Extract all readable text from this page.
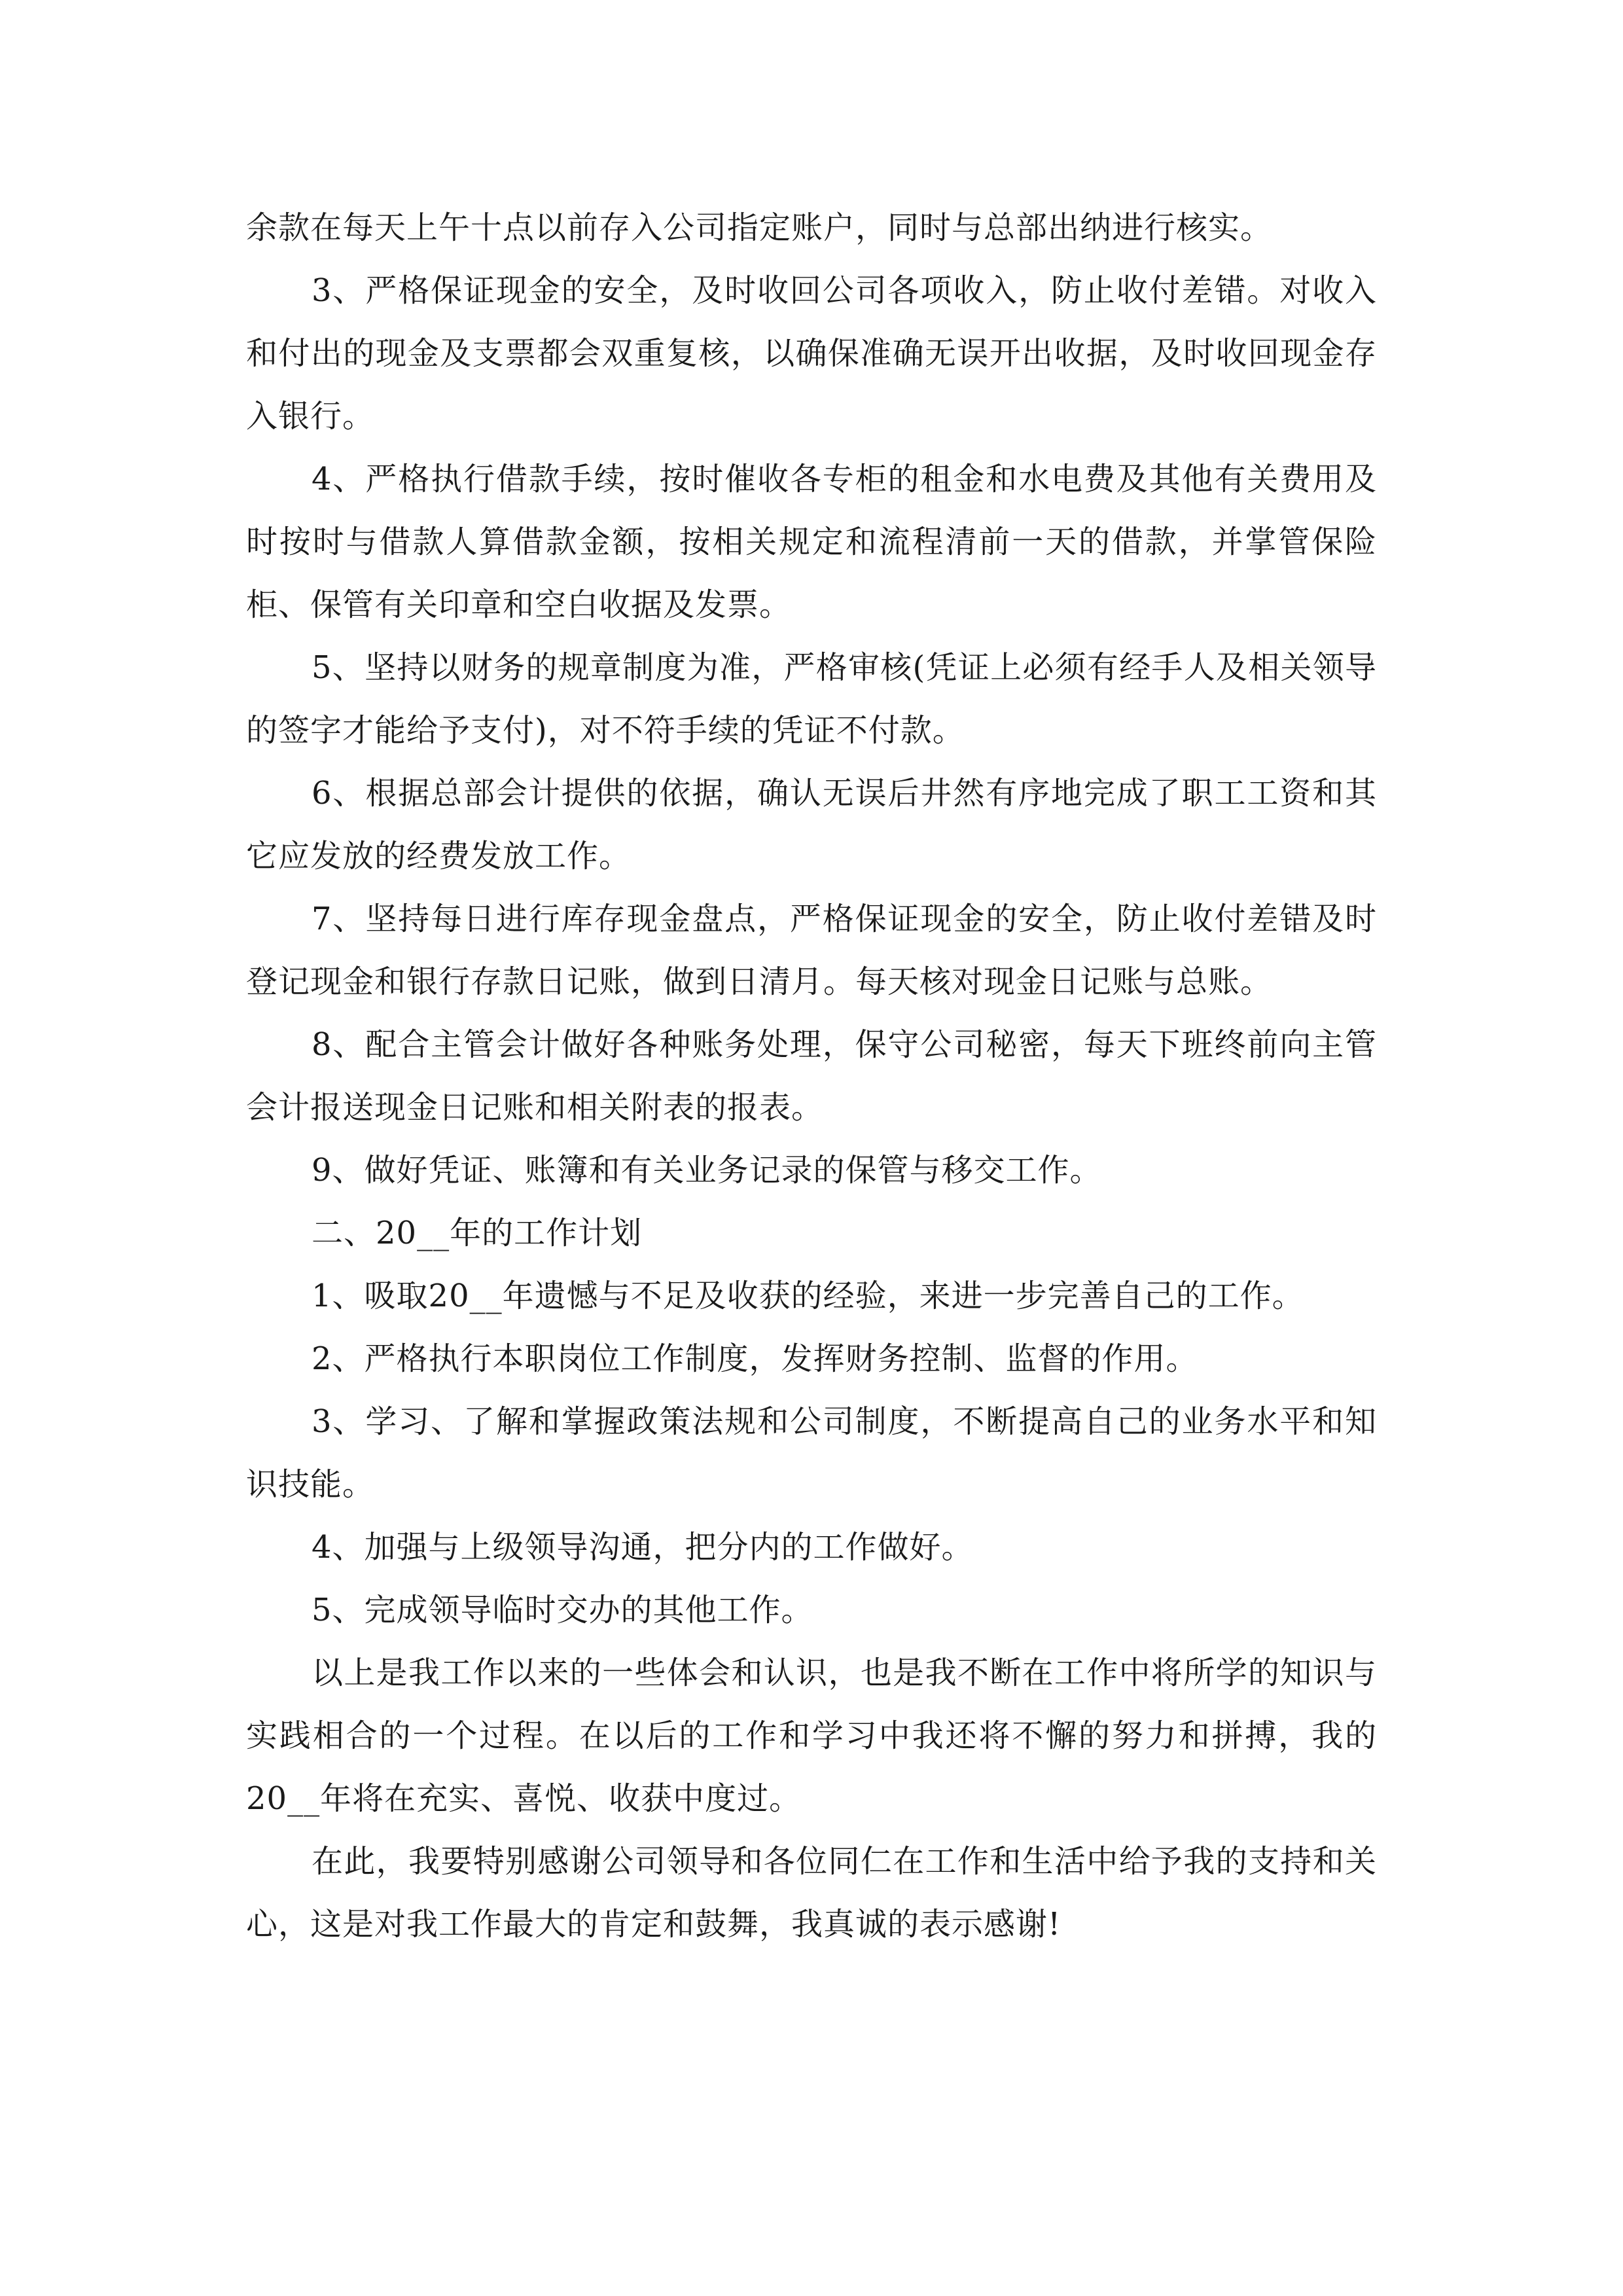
余款在每天上午十点以前存入公司指定账户，同时与总部出纳进行核实。

3、严格保证现金的安全，及时收回公司各项收入，防止收付差错。对收入和付出的现金及支票都会双重复核，以确保准确无误开出收据，及时收回现金存入银行。

4、严格执行借款手续，按时催收各专柜的租金和水电费及其他有关费用及时按时与借款人算借款金额，按相关规定和流程清前一天的借款，并掌管保险柜、保管有关印章和空白收据及发票。

5、坚持以财务的规章制度为准，严格审核(凭证上必须有经手人及相关领导的签字才能给予支付)，对不符手续的凭证不付款。

6、根据总部会计提供的依据，确认无误后井然有序地完成了职工工资和其它应发放的经费发放工作。

7、坚持每日进行库存现金盘点，严格保证现金的安全，防止收付差错及时登记现金和银行存款日记账，做到日清月。每天核对现金日记账与总账。

8、配合主管会计做好各种账务处理，保守公司秘密，每天下班终前向主管会计报送现金日记账和相关附表的报表。

9、做好凭证、账簿和有关业务记录的保管与移交工作。

二、20__年的工作计划

1、吸取20__年遗憾与不足及收获的经验，来进一步完善自己的工作。

2、严格执行本职岗位工作制度，发挥财务控制、监督的作用。

3、学习、了解和掌握政策法规和公司制度，不断提高自己的业务水平和知识技能。

4、加强与上级领导沟通，把分内的工作做好。

5、完成领导临时交办的其他工作。

以上是我工作以来的一些体会和认识，也是我不断在工作中将所学的知识与实践相合的一个过程。在以后的工作和学习中我还将不懈的努力和拼搏，我的20__年将在充实、喜悦、收获中度过。

在此，我要特别感谢公司领导和各位同仁在工作和生活中给予我的支持和关心，这是对我工作最大的肯定和鼓舞，我真诚的表示感谢!
